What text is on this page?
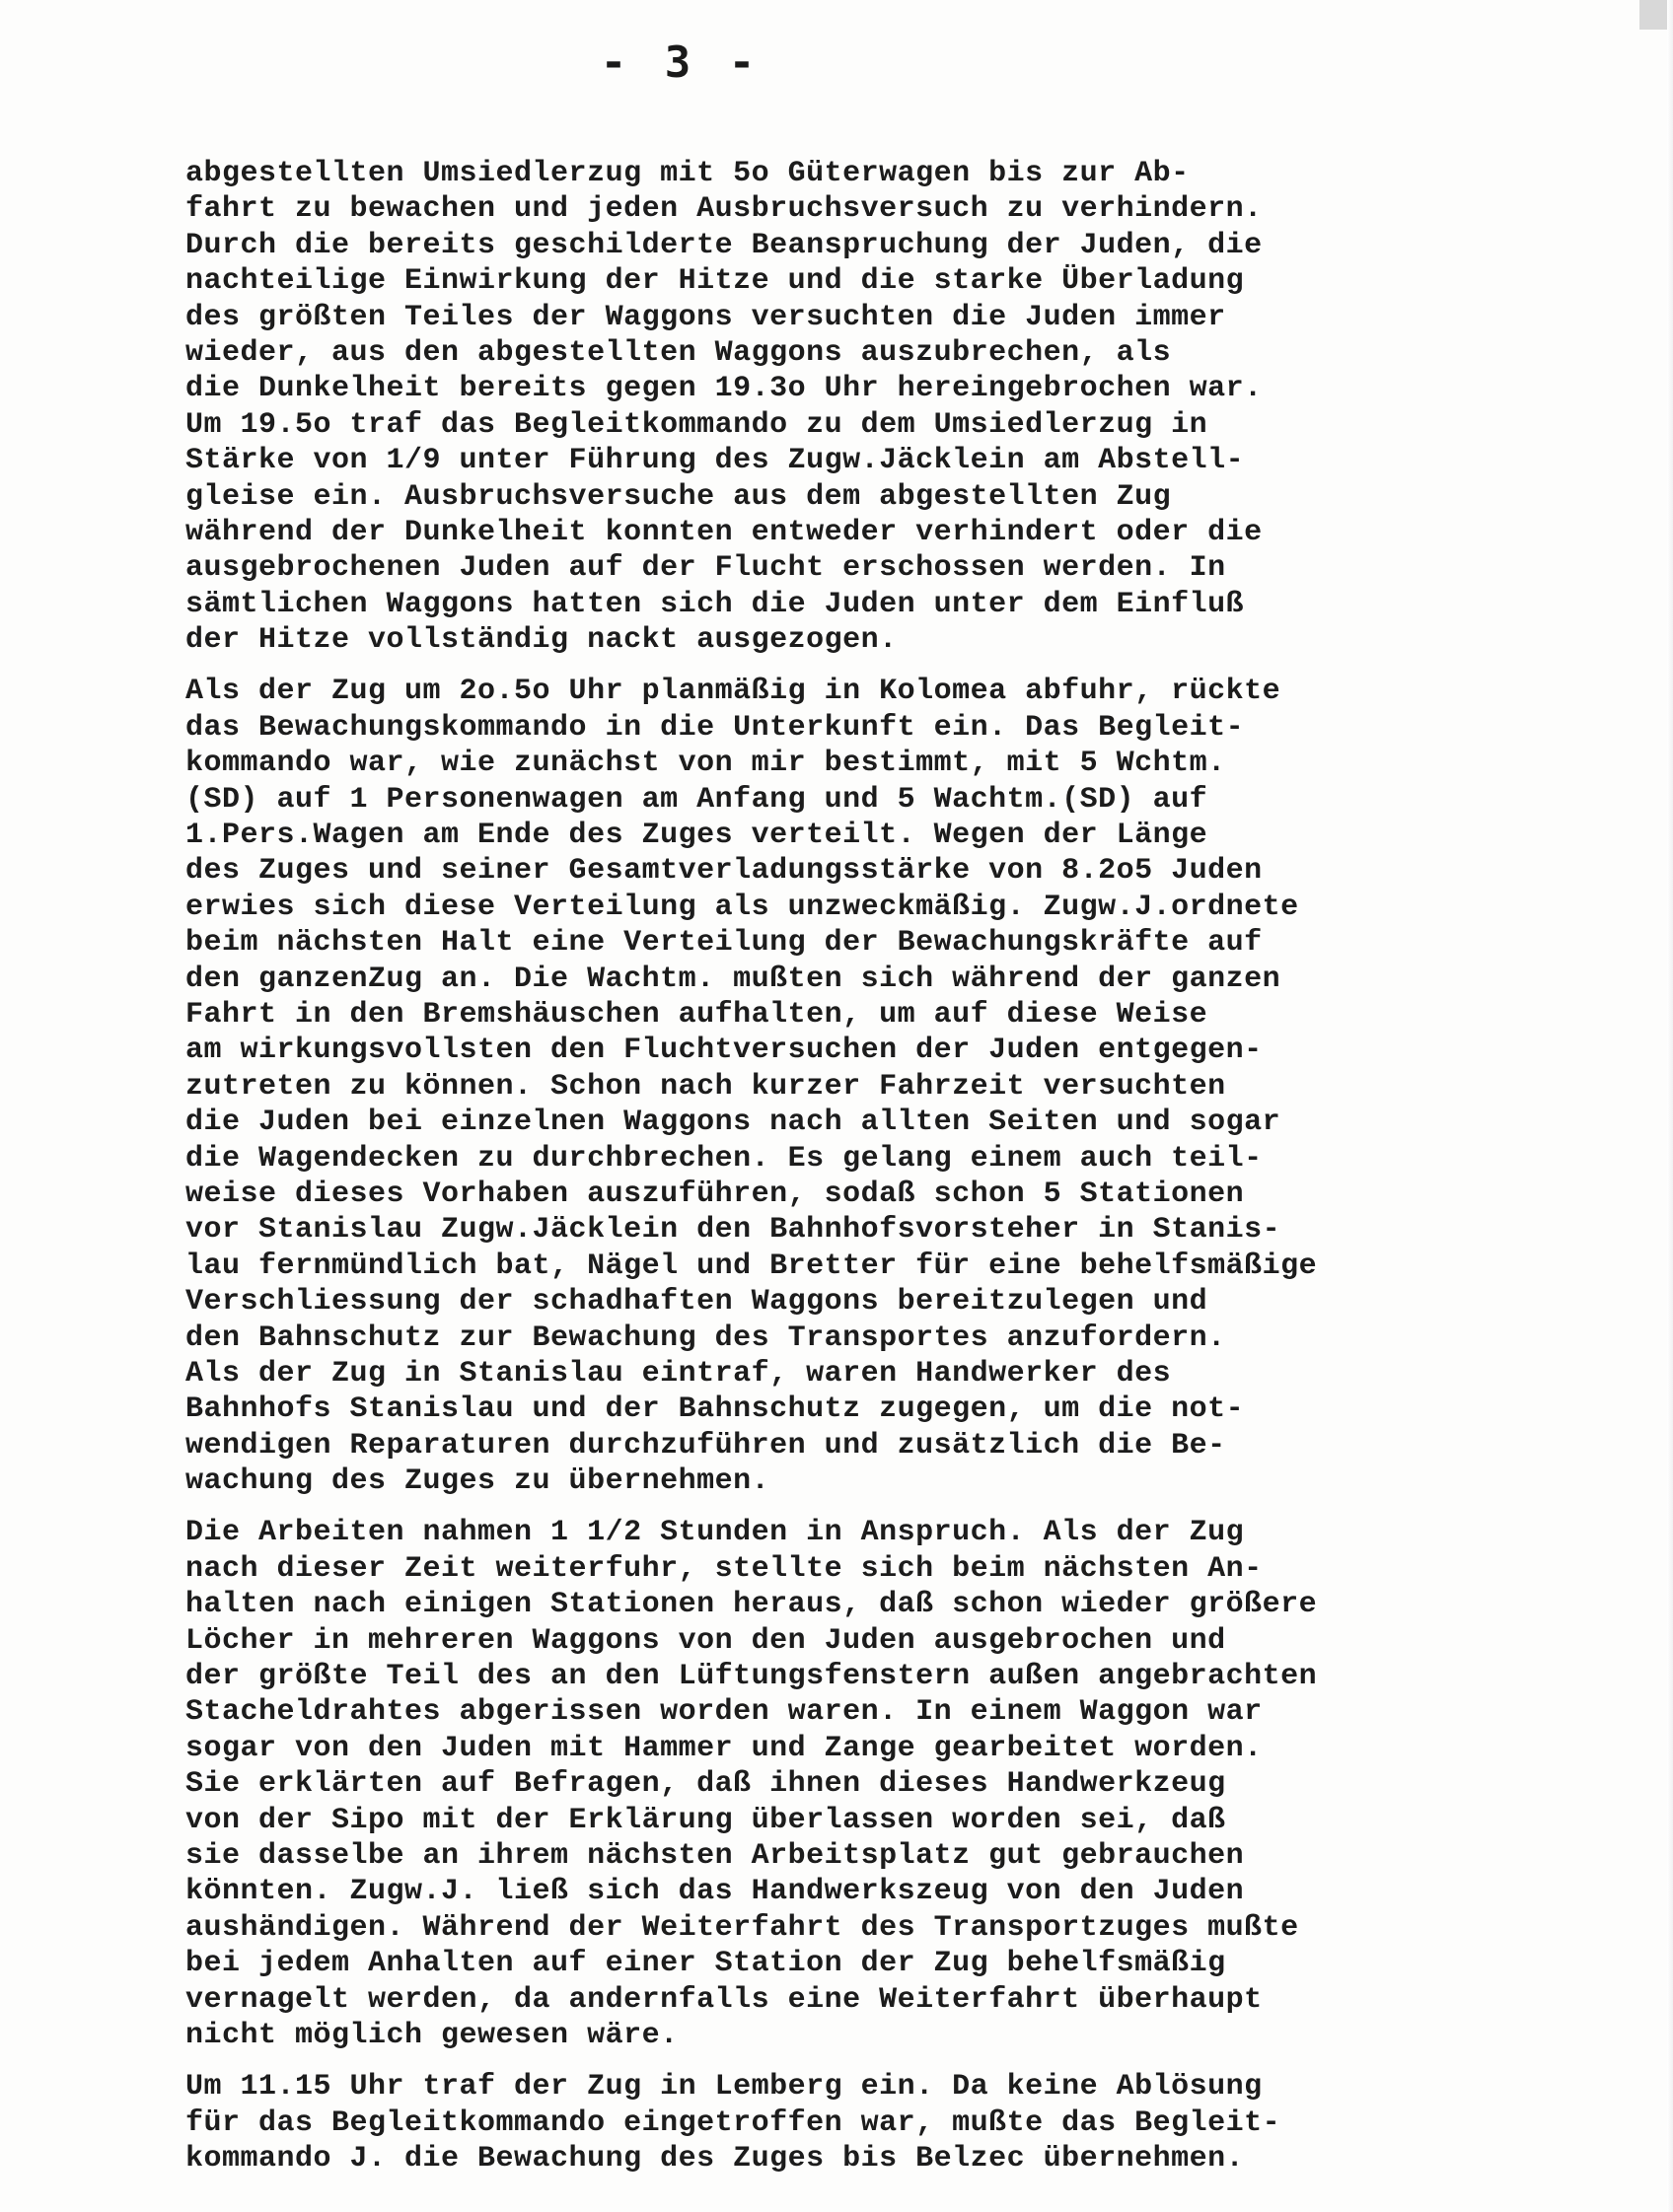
- 3 -
abgestellten Umsiedlerzug mit 5o Güterwagen bis zur Ab-
fahrt zu bewachen und jeden Ausbruchsversuch zu verhindern.
Durch die bereits geschilderte Beanspruchung der Juden, die
nachteilige Einwirkung der Hitze und die starke Überladung
des größten Teiles der Waggons versuchten die Juden immer
wieder, aus den abgestellten Waggons auszubrechen, als
die Dunkelheit bereits gegen 19.3o Uhr hereingebrochen war.
Um 19.5o traf das Begleitkommando zu dem Umsiedlerzug in
Stärke von 1/9 unter Führung des Zugw.Jäcklein am Abstell-
gleise ein. Ausbruchsversuche aus dem abgestellten Zug
während der Dunkelheit konnten entweder verhindert oder die
ausgebrochenen Juden auf der Flucht erschossen werden. In
sämtlichen Waggons hatten sich die Juden unter dem Einfluß
der Hitze vollständig nackt ausgezogen.
Als der Zug um 2o.5o Uhr planmäßig in Kolomea abfuhr, rückte
das Bewachungskommando in die Unterkunft ein. Das Begleit-
kommando war, wie zunächst von mir bestimmt, mit 5 Wchtm.
(SD) auf 1 Personenwagen am Anfang und 5 Wachtm.(SD) auf
1.Pers.Wagen am Ende des Zuges verteilt. Wegen der Länge
des Zuges und seiner Gesamtverladungsstärke von 8.2o5 Juden
erwies sich diese Verteilung als unzweckmäßig. Zugw.J.ordnete
beim nächsten Halt eine Verteilung der Bewachungskräfte auf
den ganzenZug an. Die Wachtm. mußten sich während der ganzen
Fahrt in den Bremshäuschen aufhalten, um auf diese Weise
am wirkungsvollsten den Fluchtversuchen der Juden entgegen-
zutreten zu können. Schon nach kurzer Fahrzeit versuchten
die Juden bei einzelnen Waggons nach allten Seiten und sogar
die Wagendecken zu durchbrechen. Es gelang einem auch teil-
weise dieses Vorhaben auszuführen, sodaß schon 5 Stationen
vor Stanislau Zugw.Jäcklein den Bahnhofsvorsteher in Stanis-
lau fernmündlich bat, Nägel und Bretter für eine behelfsmäßige
Verschliessung der schadhaften Waggons bereitzulegen und
den Bahnschutz zur Bewachung des Transportes anzufordern.
Als der Zug in Stanislau eintraf, waren Handwerker des
Bahnhofs Stanislau und der Bahnschutz zugegen, um die not-
wendigen Reparaturen durchzuführen und zusätzlich die Be-
wachung des Zuges zu übernehmen.
Die Arbeiten nahmen 1 1/2 Stunden in Anspruch. Als der Zug
nach dieser Zeit weiterfuhr, stellte sich beim nächsten An-
halten nach einigen Stationen heraus, daß schon wieder größere
Löcher in mehreren Waggons von den Juden ausgebrochen und
der größte Teil des an den Lüftungsfenstern außen angebrachten
Stacheldrahtes abgerissen worden waren. In einem Waggon war
sogar von den Juden mit Hammer und Zange gearbeitet worden.
Sie erklärten auf Befragen, daß ihnen dieses Handwerkzeug
von der Sipo mit der Erklärung überlassen worden sei, daß
sie dasselbe an ihrem nächsten Arbeitsplatz gut gebrauchen
könnten. Zugw.J. ließ sich das Handwerkszeug von den Juden
aushändigen. Während der Weiterfahrt des Transportzuges mußte
bei jedem Anhalten auf einer Station der Zug behelfsmäßig
vernagelt werden, da andernfalls eine Weiterfahrt überhaupt
nicht möglich gewesen wäre.
Um 11.15 Uhr traf der Zug in Lemberg ein. Da keine Ablösung
für das Begleitkommando eingetroffen war, mußte das Begleit-
kommando J. die Bewachung des Zuges bis Belzec übernehmen.
